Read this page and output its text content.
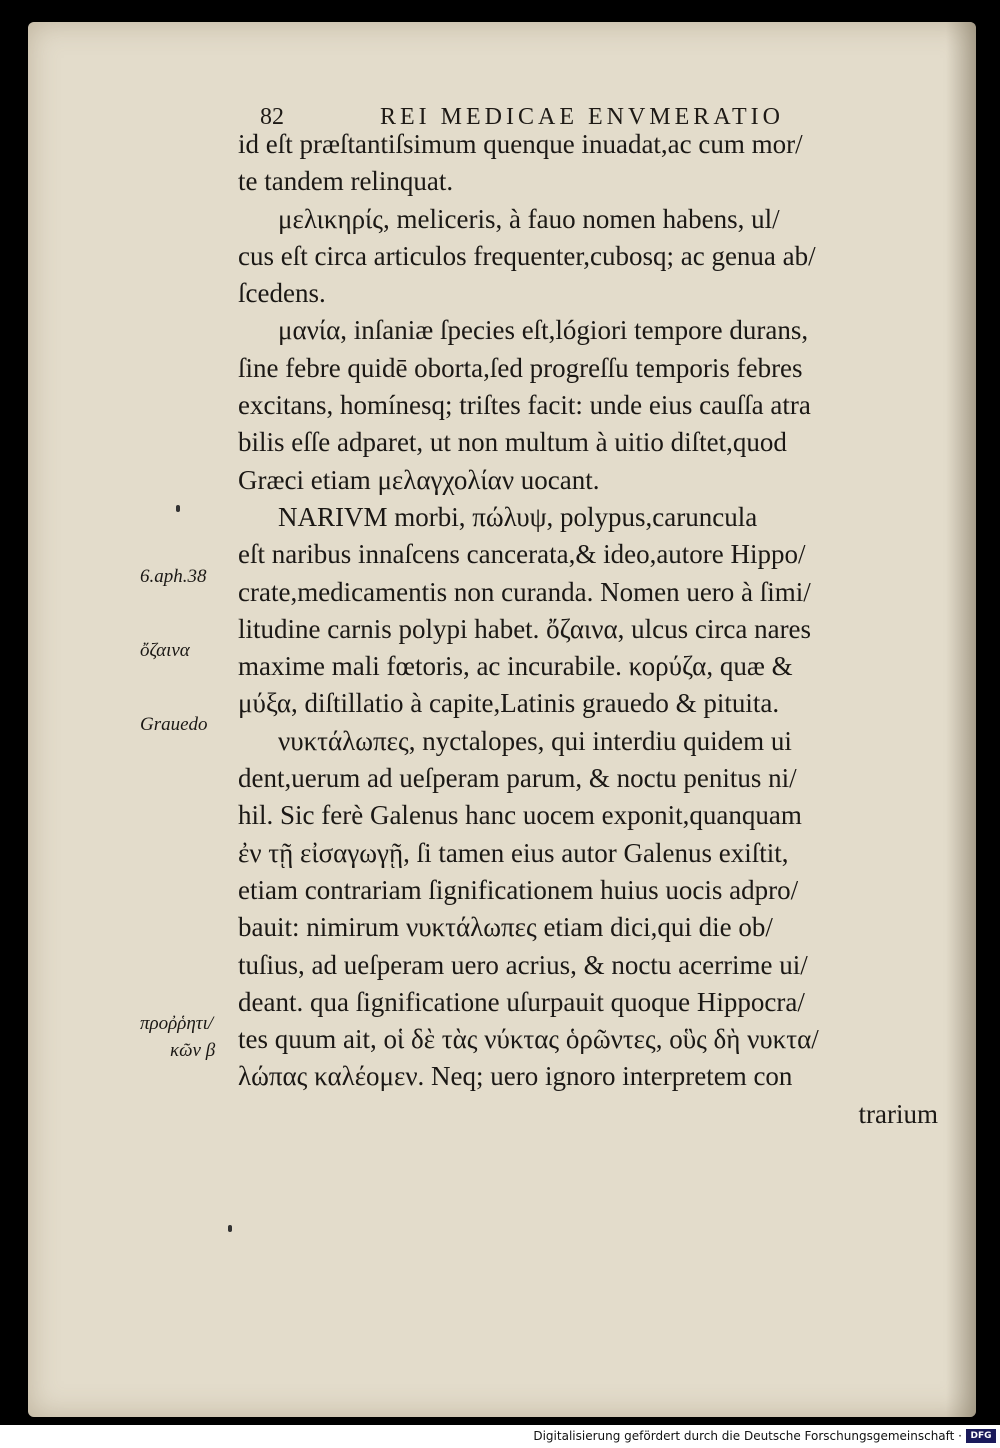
82	REI MEDICAE ENVMERATIO
id eſt præſtantiſsimum quenque inuadat,ac cum mor/
te tandem relinquat.
μελικηρίς, meliceris, à fauo nomen habens, ul/
cus eſt circa articulos frequenter,cubosq; ac genua ab/
ſcedens.
μανία, inſaniæ ſpecies eſt,lógiori tempore durans,
ſine febre quidē oborta,ſed progreſſu temporis febres
excitans, homínesq; triſtes facit: unde eius cauſſa atra
bilis eſſe adparet, ut non multum à uitio diſtet,quod
Græci etiam μελαγχολίαν uocant.
NARIVM morbi, πώλυψ, polypus,caruncula
eſt naribus innaſcens cancerata,& ideo,autore Hippo/
crate,medicamentis non curanda. Nomen uero à ſimi/
litudine carnis polypi habet. ὄζαινα, ulcus circa nares
maxime mali fœtoris, ac incurabile. κορύζα, quæ &
μύξα, diſtillatio à capite,Latinis grauedo & pituita.
νυκτάλωπες, nyctalopes, qui interdiu quidem ui
dent,uerum ad ueſperam parum, & noctu penitus ni/
hil. Sic ferè Galenus hanc uocem exponit,quanquam
ἐν τῇ εἰσαγωγῇ, ſi tamen eius autor Galenus exiſtit,
etiam contrariam ſignificationem huius uocis adpro/
bauit: nimirum νυκτάλωπες etiam dici,qui die ob/
tuſius, ad ueſperam uero acrius, & noctu acerrime ui/
deant. qua ſignificatione uſurpauit quoque Hippocra/
tes quum ait, οἱ δὲ τὰς νύκτας ὁρῶντες, οὓς δὴ νυκτα/
λώπας καλέομεν. Neq; uero ignoro interpretem con
trarium
6.aph.38
ὄζαινα
Grauedo
προῤῥητι/
κῶν β
Digitalisierung gefördert durch die Deutsche Forschungsgemeinschaft · DFG
